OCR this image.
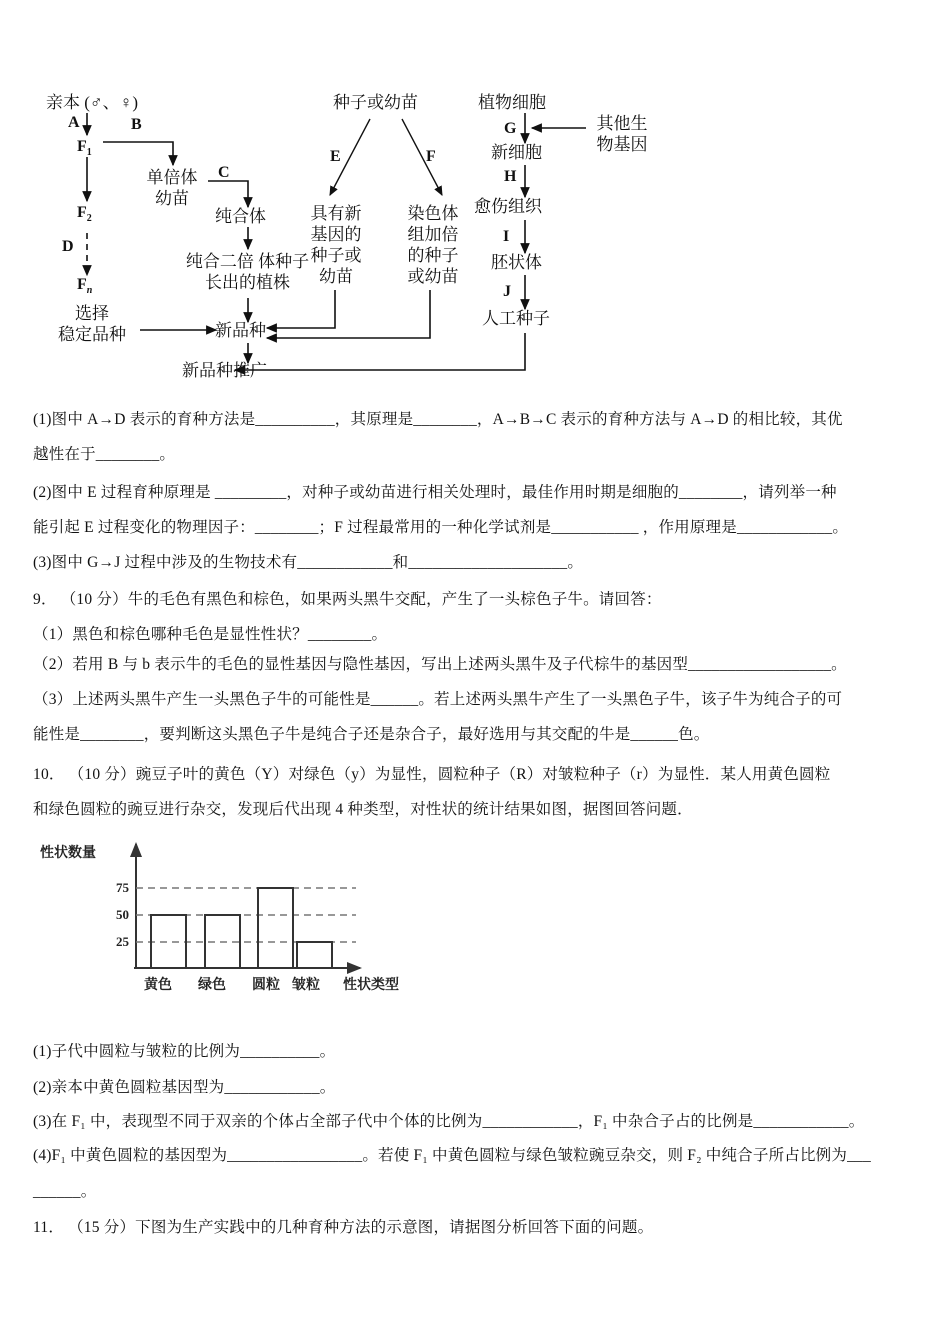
亲本 (♂、♀)
A
$F_1$
B
$F_2$
D
$F_n$
选择
稳定品种
单倍体
幼苗
C
纯合体
纯合二倍 体种子
长出的植株
种子或幼苗
E	F
具有新
基因的
种子或
幼苗
染色体
组加倍
的种子
或幼苗
植物细胞
其他生
物基因
G
新细胞
H
愈伤组织
I
胚状体
J
人工种子
新品种
新品种推广
(1)图中 A→D 表示的育种方法是__________，其原理是________，A→B→C 表示的育种方法与 A→D 的相比较，其优
越性在于________。
(2)图中 E 过程育种原理是 _________，对种子或幼苗进行相关处理时，最佳作用时期是细胞的________，请列举一种
能引起 E 过程变化的物理因子：________；F 过程最常用的一种化学试剂是___________ ，作用原理是____________。
(3)图中 G→J 过程中涉及的生物技术有____________和____________________。
9． （10 分）牛的毛色有黑色和棕色，如果两头黑牛交配，产生了一头棕色子牛。请回答：
（1）黑色和棕色哪种毛色是显性性状？________。
（2）若用 B 与 b 表示牛的毛色的显性基因与隐性基因，写出上述两头黑牛及子代棕牛的基因型__________________。
（3）上述两头黑牛产生一头黑色子牛的可能性是______。若上述两头黑牛产生了一头黑色子牛，该子牛为纯合子的可
能性是________，要判断这头黑色子牛是纯合子还是杂合子，最好选用与其交配的牛是______色。
10． （10 分）豌豆子叶的黄色（Y）对绿色（y）为显性，圆粒种子（R）对皱粒种子（r）为显性．某人用黄色圆粒
和绿色圆粒的豌豆进行杂交，发现后代出现 4 种类型，对性状的统计结果如图，据图回答问题．
性状数量
性状类型
75
50
25
黄色 绿色 圆粒 皱粒
(1)子代中圆粒与皱粒的比例为__________。
(2)亲本中黄色圆粒基因型为____________。
(3)在 F₁ 中，表现型不同于双亲的个体占全部子代中个体的比例为____________，F₁ 中杂合子占的比例是____________。
(4)F₁ 中黄色圆粒的基因型为_________________。若使 F₁ 中黄色圆粒与绿色皱粒豌豆杂交，则 F₂ 中纯合子所占比例为___
______。
11． （15 分）下图为生产实践中的几种育种方法的示意图，请据图分析回答下面的问题。
